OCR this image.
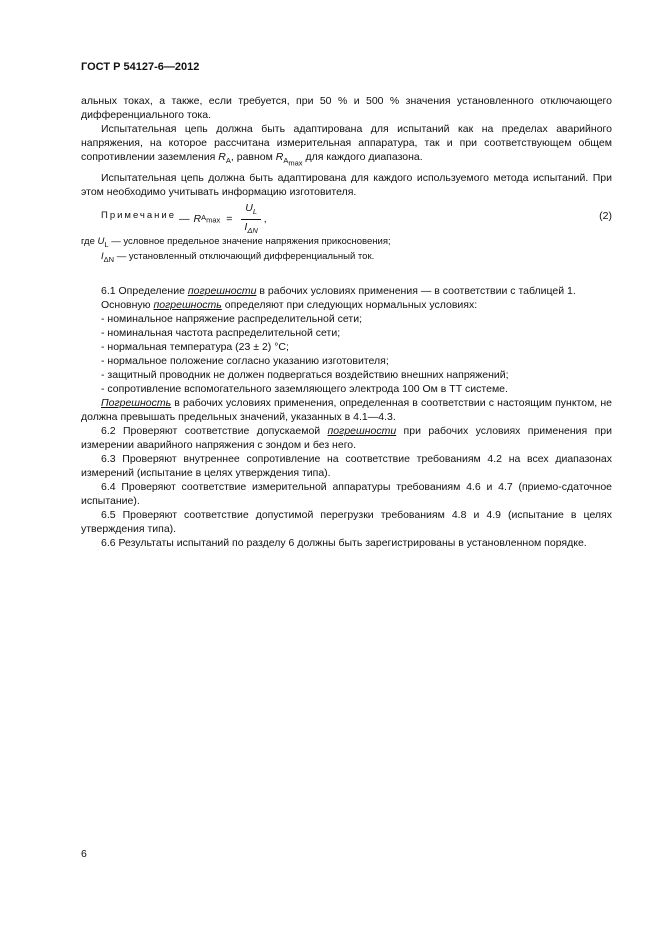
ГОСТ Р 54127-6—2012

альных токах, а также, если требуется, при 50 % и 500 % значения установленного отключающего дифференциального тока.

Испытательная цепь должна быть адаптирована для испытаний как на пределах аварийного напряжения, на которое рассчитана измерительная аппаратура, так и при соответствующем общем сопротивлении заземления $R_A$, равном $R_{A_{max}}$ для каждого диапазона.

Испытательная цепь должна быть адаптирована для каждого используемого метода испытаний. При этом необходимо учитывать информацию изготовителя.

Примечание — R $A_{max} = \frac{U_L}{I_{\Delta N}}$ ,	(2)
где $U_L$ — условное предельное значение напряжения прикосновения;
$I_{\Delta N}$ — установленный отключающий дифференциальный ток.

6.1 Определение погрешности в рабочих условиях применения — в соответствии с таблицей 1.

Основную погрешность определяют при следующих нормальных условиях:

- номинальное напряжение распределительной сети;

- номинальная частота распределительной сети;

- нормальная температура (23 ± 2) °С;

- нормальное положение согласно указанию изготовителя;

- защитный проводник не должен подвергаться воздействию внешних напряжений;

- сопротивление вспомогательного заземляющего электрода 100 Ом в ТТ системе.

Погрешность в рабочих условиях применения, определенная в соответствии с настоящим пунктом, не должна превышать предельных значений, указанных в 4.1—4.3.

6.2 Проверяют соответствие допускаемой погрешности при рабочих условиях применения при измерении аварийного напряжения с зондом и без него.

6.3 Проверяют внутреннее сопротивление на соответствие требованиям 4.2 на всех диапазонах измерений (испытание в целях утверждения типа).

6.4 Проверяют соответствие измерительной аппаратуры требованиям 4.6 и 4.7 (приемо-сдаточное испытание).

6.5 Проверяют соответствие допустимой перегрузки требованиям 4.8 и 4.9 (испытание в целях утверждения типа).

6.6 Результаты испытаний по разделу 6 должны быть зарегистрированы в установленном порядке.

6
